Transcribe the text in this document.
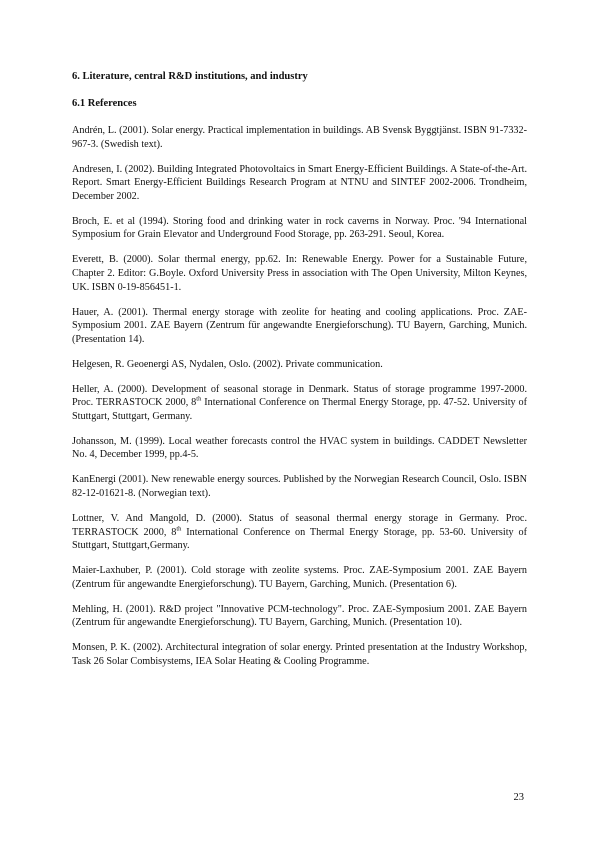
6. Literature, central R&D institutions, and industry
6.1 References

Andrén, L. (2001). Solar energy. Practical implementation in buildings. AB Svensk Byggtjänst. ISBN 91-7332-967-3. (Swedish text).

Andresen, I. (2002). Building Integrated Photovoltaics in Smart Energy-Efficient Buildings. A State-of-the-Art. Report. Smart Energy-Efficient Buildings Research Program at NTNU and SINTEF 2002-2006. Trondheim, December 2002.

Broch, E. et al (1994). Storing food and drinking water in rock caverns in Norway. Proc. '94 International Symposium for Grain Elevator and Underground Food Storage, pp. 263-291. Seoul, Korea.

Everett, B. (2000). Solar thermal energy, pp.62. In: Renewable Energy. Power for a Sustainable Future, Chapter 2. Editor: G.Boyle. Oxford University Press in association with The Open University, Milton Keynes, UK. ISBN 0-19-856451-1.

Hauer, A. (2001). Thermal energy storage with zeolite for heating and cooling applications. Proc. ZAE-Symposium 2001. ZAE Bayern (Zentrum für angewandte Energieforschung). TU Bayern, Garching, Munich. (Presentation 14).

Helgesen, R. Geoenergi AS, Nydalen, Oslo. (2002). Private communication.

Heller, A. (2000). Development of seasonal storage in Denmark. Status of storage programme 1997-2000. Proc. TERRASTOCK 2000, 8th International Conference on Thermal Energy Storage, pp. 47-52. University of Stuttgart, Stuttgart, Germany.

Johansson, M. (1999). Local weather forecasts control the HVAC system in buildings. CADDET Newsletter No. 4, December 1999, pp.4-5.

KanEnergi (2001). New renewable energy sources. Published by the Norwegian Research Council, Oslo. ISBN 82-12-01621-8. (Norwegian text).

Lottner, V. And Mangold, D. (2000). Status of seasonal thermal energy storage in Germany. Proc. TERRASTOCK 2000, 8th International Conference on Thermal Energy Storage, pp. 53-60. University of Stuttgart, Stuttgart,Germany.

Maier-Laxhuber, P. (2001). Cold storage with zeolite systems. Proc. ZAE-Symposium 2001. ZAE Bayern (Zentrum für angewandte Energieforschung). TU Bayern, Garching, Munich. (Presentation 6).

Mehling, H. (2001). R&D project "Innovative PCM-technology". Proc. ZAE-Symposium 2001. ZAE Bayern (Zentrum für angewandte Energieforschung). TU Bayern, Garching, Munich. (Presentation 10).

Monsen, P. K. (2002). Architectural integration of solar energy. Printed presentation at the Industry Workshop, Task 26 Solar Combisystems, IEA Solar Heating & Cooling Programme.

23
